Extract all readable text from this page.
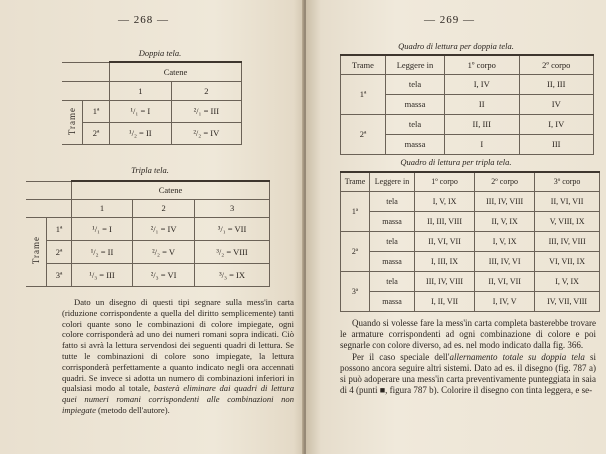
— 268 —
Doppia tela.
		Catene	
		1	2
Trame	1ª	¹/₁ = I	²/₁ = III
	2ª	¹/₂ = II	²/₂ = IV
Tripla tela.
		Catene		
		1	2	3
Trame	1ª	¹/₁ = I	²/₁ = IV	³/₁ = VII
	2ª	¹/₂ = II	²/₂ = V	³/₂ = VIII
	3ª	¹/₃ = III	²/₃ = VI	³/₃ = IX

Dato un disegno di questi tipi segnare sulla mess'in carta (riduzione corrispondente a quella del diritto semplicemente) tanti colori quante sono le combinazioni di colore impiegate, ogni colore corrisponderà ad uno dei numeri romani sopra indicati. Ciò fatto si avrà la lettura servendosi dei seguenti quadri di lettura. Se tutte le combinazioni di colore sono impiegate, la lettura corrisponderà perfettamente a quanto indicato negli ora accennati quadri. Se invece si adotta un numero di combinazioni inferiori in qualsiasi modo al totale, basterà eliminare dai quadri di lettura quei numeri romani corrispondenti alle combinazioni non impiegate (metodo dell'autore).

— 269 —
Quadro di lettura per doppia tela.
Trame	Leggere in	1º corpo	2º corpo
1ª	tela	I, IV	II, III
	massa	II	IV
2ª	tela	II, III	I, IV
	massa	I	III
Quadro di lettura per tripla tela.
Trame	Leggere in	1º corpo	2º corpo	3º corpo
1ª	tela	I, V, IX	III, IV, VIII	II, VI, VII
	massa	II, III, VIII	II, V, IX	V, VIII, IX
2ª	tela	II, VI, VII	I, V, IX	III, IV, VIII
	massa	I, III, IX	III, IV, VI	VI, VII, IX
3ª	tela	III, IV, VIII	II, VI, VII	I, V, IX
	massa	I, II, VII	I, IV, V	IV, VII, VIII

Quando si volesse fare la mess'in carta completa basterebbe trovare le armature corrispondenti ad ogni combinazione di colore e poi segnarle con colore diverso, ad es. nel modo indicato dalla fig. 366.

Per il caso speciale dell'allernamento totale su doppia tela si possono ancora seguire altri sistemi. Dato ad es. il disegno (fig. 787 a) si può adoperare una mess'in carta preventivamente punteggiata in saia di 4 (punti ■, figura 787 b). Colorire il disegno con tinta leggera, e se-
